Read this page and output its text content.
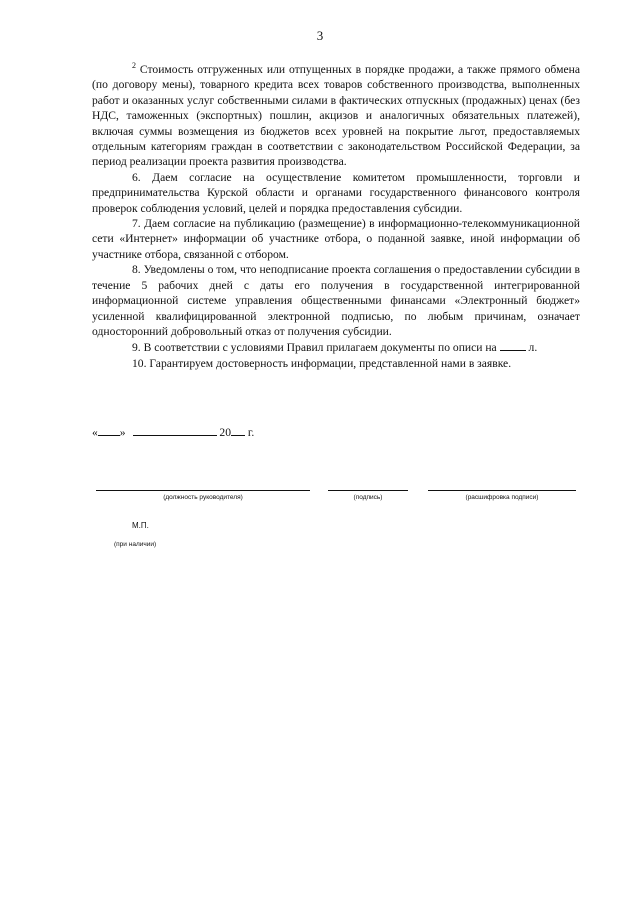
3

$^2$ Стоимость отгруженных или отпущенных в порядке продажи, а также прямого обмена (по договору мены), товарного кредита всех товаров собственного производства, выполненных работ и оказанных услуг собственными силами в фактических отпускных (продажных) ценах (без НДС, таможенных (экспортных) пошлин, акцизов и аналогичных обязательных платежей), включая суммы возмещения из бюджетов всех уровней на покрытие льгот, предоставляемых отдельным категориям граждан в соответствии с законодательством Российской Федерации, за период реализации проекта развития производства.

6. Даем согласие на осуществление комитетом промышленности, торговли и предпринимательства Курской области и органами государственного финансового контроля проверок соблюдения условий, целей и порядка предоставления субсидии.

7. Даем согласие на публикацию (размещение) в информационно-телекоммуникационной сети «Интернет» информации об участнике отбора, о поданной заявке, иной информации об участнике отбора, связанной с отбором.

8. Уведомлены о том, что неподписание проекта соглашения о предоставлении субсидии в течение 5 рабочих дней с даты его получения в государственной интегрированной информационной системе управления общественными финансами «Электронный бюджет» усиленной квалифицированной электронной подписью, по любым причинам, означает односторонний добровольный отказ от получения субсидии.

9. В соответствии с условиями Правил прилагаем документы по описи на	л.

10. Гарантируем достоверность информации, представленной нами в заявке.

« »	20 г.
(должность руководителя)	(подпись)	(расшифровка подписи)
М.П.
(при наличии)
